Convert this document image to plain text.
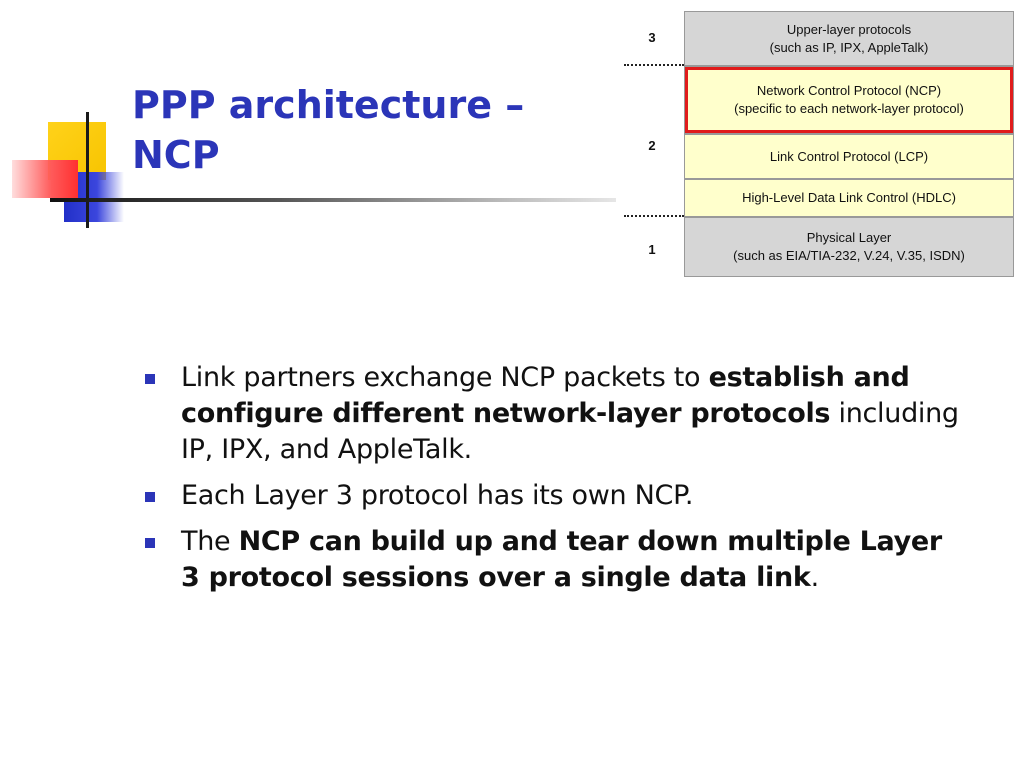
PPP architecture –
NCP
3
2
1
Upper-layer protocols
(such as IP, IPX, AppleTalk)
Network Control Protocol (NCP)
(specific to each network-layer protocol)
Link Control Protocol (LCP)
High-Level Data Link Control (HDLC)
Physical Layer
(such as EIA/TIA-232, V.24, V.35, ISDN)
Link partners exchange NCP packets to establish and configure different network-layer protocols including IP, IPX, and AppleTalk.
Each Layer 3 protocol has its own NCP.
The NCP can build up and tear down multiple Layer 3 protocol sessions over a single data link.
